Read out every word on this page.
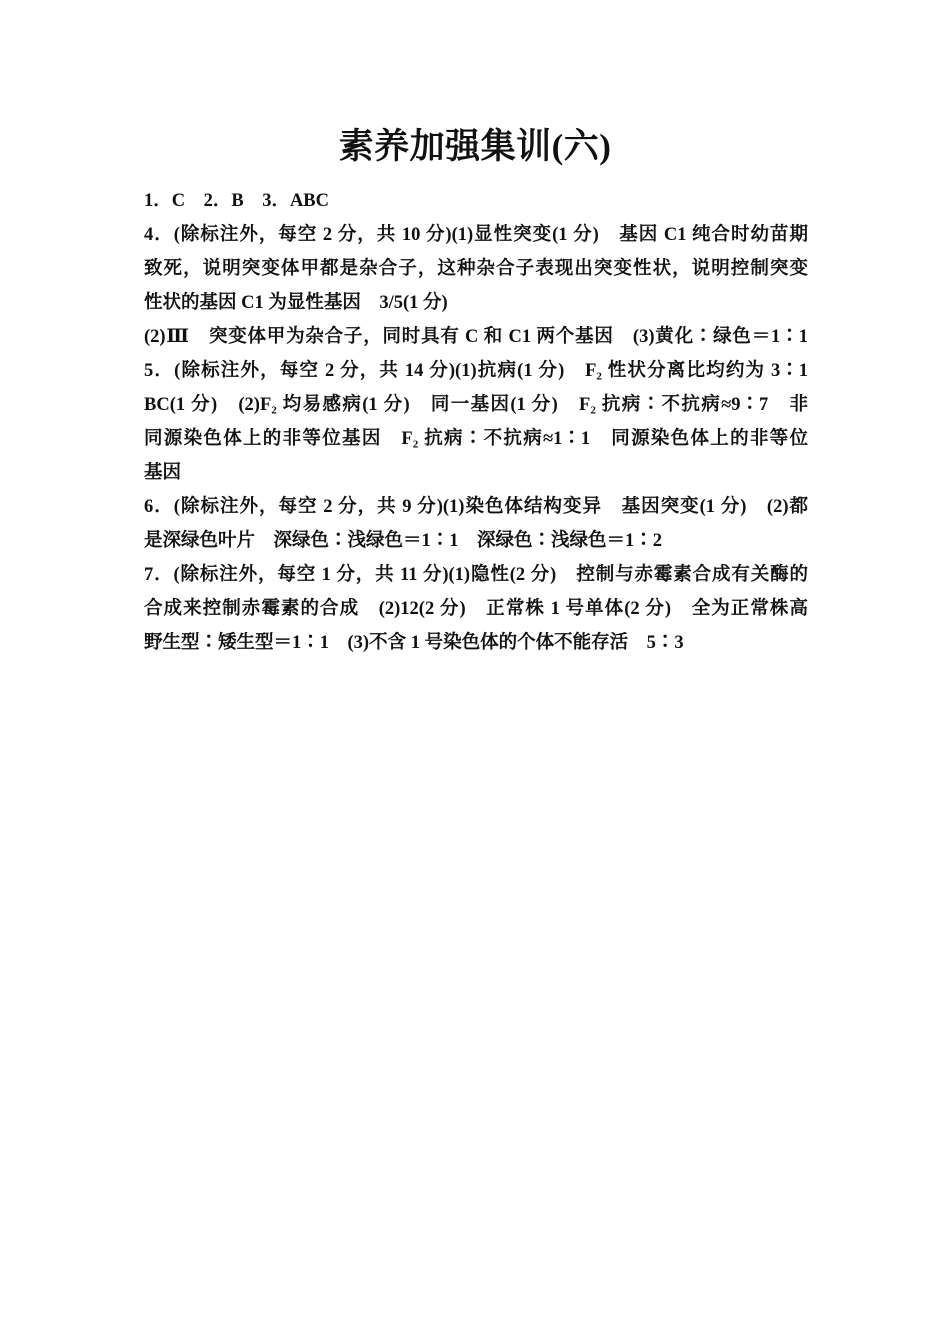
素养加强集训(六)
1．C　2．B　3．ABC
4．(除标注外，每空 2 分，共 10 分)(1)显性突变(1 分)　基因 C1 纯合时幼苗期
致死，说明突变体甲都是杂合子，这种杂合子表现出突变性状，说明控制突变
性状的基因 C1 为显性基因　3/5(1 分)
(2)Ⅲ　突变体甲为杂合子，同时具有 C 和 C1 两个基因　(3)黄化∶绿色＝1∶1
5．(除标注外，每空 2 分，共 14 分)(1)抗病(1 分)　F₂ 性状分离比均约为 3∶1
BC(1 分)　(2)F₂ 均易感病(1 分)　同一基因(1 分)　F₂ 抗病∶不抗病≈9∶7　非
同源染色体上的非等位基因　F₂ 抗病∶不抗病≈1∶1　同源染色体上的非等位
基因
6．(除标注外，每空 2 分，共 9 分)(1)染色体结构变异　基因突变(1 分)　(2)都
是深绿色叶片　深绿色∶浅绿色＝1∶1　深绿色∶浅绿色＝1∶2
7．(除标注外，每空 1 分，共 11 分)(1)隐性(2 分)　控制与赤霉素合成有关酶的
合成来控制赤霉素的合成　(2)12(2 分)　正常株 1 号单体(2 分)　全为正常株高
野生型∶矮生型＝1∶1　(3)不含 1 号染色体的个体不能存活　5∶3
